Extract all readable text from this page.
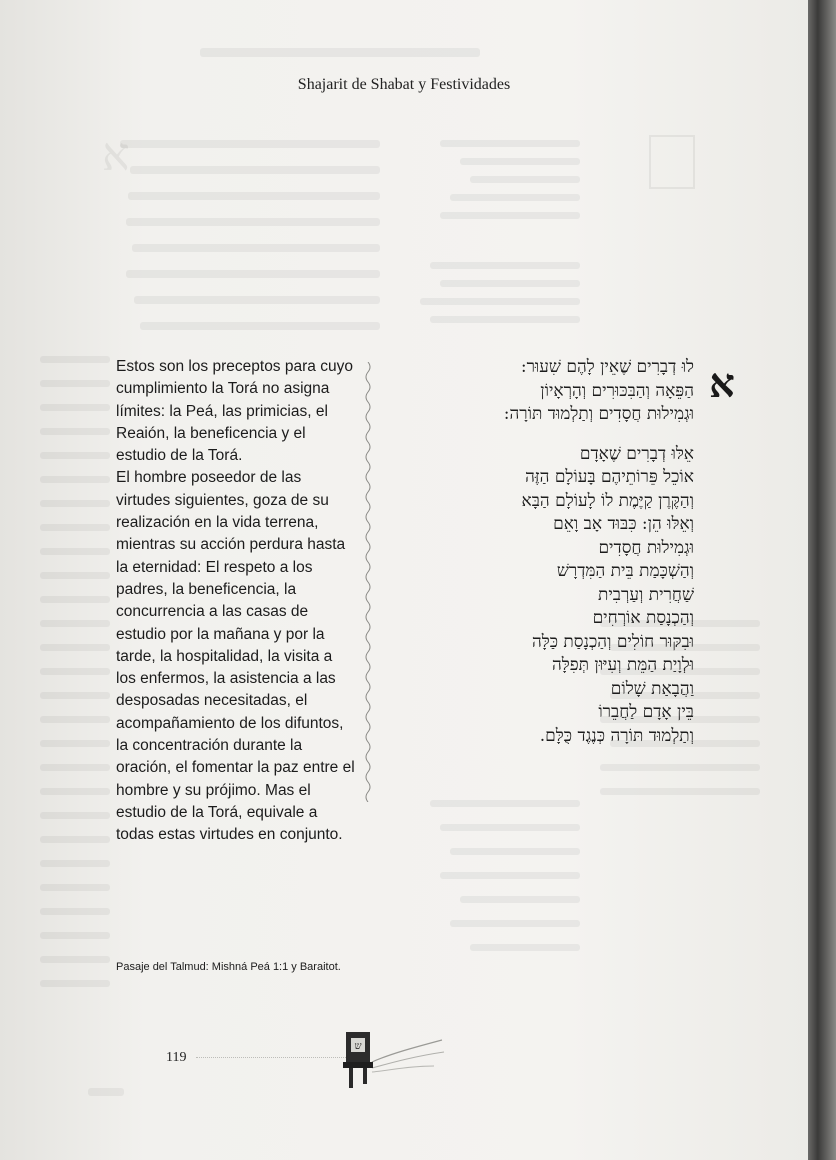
א
Shajarit de Shabat y Festividades

Estos son los preceptos para cuyo cumplimiento la Torá no asigna límites: la Peá, las primicias, el Reaión, la beneficencia y el estudio de la Torá.

El hombre poseedor de las virtudes siguientes, goza de su realización en la vida terrena, mientras su acción perdura hasta la eternidad: El respeto a los padres, la beneficencia, la concurrencia a las casas de estudio por la mañana y por la tarde, la hospitalidad, la visita a los enfermos, la asistencia a las desposadas necesitadas, el acompañamiento de los difuntos, la concentración durante la oración, el fomentar la paz entre el hombre y su prójimo. Mas el estudio de la Torá, equivale a todas estas virtudes en conjunto.

Pasaje del Talmud: Mishná Peá 1:1 y Baraitot.
לוּ דְבָרִים שֶׁאֵין לָהֶם שִׁעוּר:
הַפֵּאָה וְהַבִּכּוּרִים וְהָרְאָיוֹן
וּגְמִילוּת חֲסָדִים וְתַלְמוּד תּוֹרָה:
אֵלּוּ דְבָרִים שֶׁאָדָם
אוֹכֵל פֵּרוֹתֵיהֶם בָּעוֹלָם הַזֶּה
וְהַקֶּרֶן קַיֶּמֶת לוֹ לָעוֹלָם הַבָּא
וְאֵלּוּ הֵן: כִּבּוּד אָב וָאֵם
וּגְמִילוּת חֲסָדִים
וְהַשְׁכָּמַת בֵּית הַמִּדְרָשׁ
שַׁחֲרִית וְעַרְבִית
וְהַכְנָסַת אוֹרְחִים
וּבִקּוּר חוֹלִים וְהַכְנָסַת כַּלָּה
וּלְוָיַת הַמֵּת וְעִיּוּן תְּפִלָּה
וַהֲבָאַת שָׁלוֹם
בֵּין אָדָם לַחֲבֵרוֹ
וְתַלְמוּד תּוֹרָה כְּנֶגֶד כֻּלָּם.
א
119
ש
